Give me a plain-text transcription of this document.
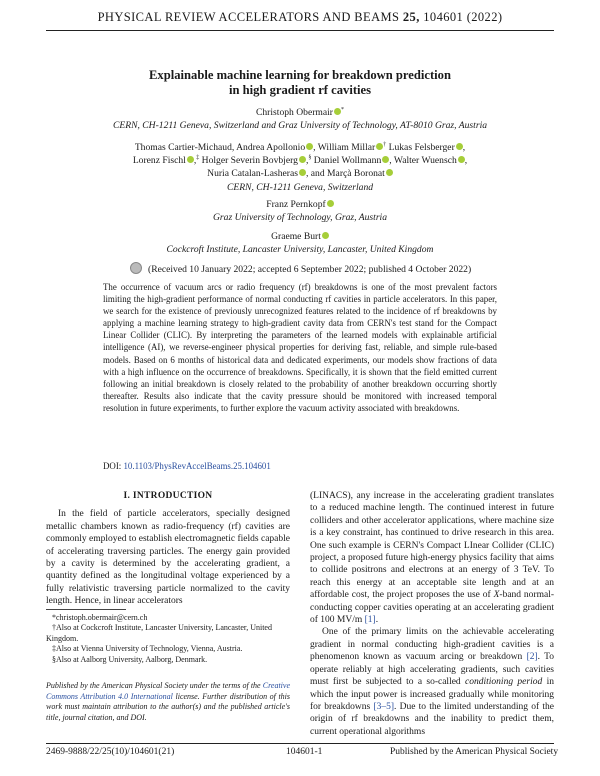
PHYSICAL REVIEW ACCELERATORS AND BEAMS 25, 104601 (2022)
Explainable machine learning for breakdown prediction
in high gradient rf cavities
Christoph Obermair *
CERN, CH-1211 Geneva, Switzerland and Graz University of Technology, AT-8010 Graz, Austria
Thomas Cartier-Michaud, Andrea Apollonio , William Millar † Lukas Felsberger ,
Lorenz Fischl ,‡ Holger Severin Bovbjerg ,§ Daniel Wollmann , Walter Wuensch ,
Nuria Catalan-Lasheras , and Marçà Boronat
CERN, CH-1211 Geneva, Switzerland
Franz Pernkopf
Graz University of Technology, Graz, Austria
Graeme Burt
Cockcroft Institute, Lancaster University, Lancaster, United Kingdom
(Received 10 January 2022; accepted 6 September 2022; published 4 October 2022)
The occurrence of vacuum arcs or radio frequency (rf) breakdowns is one of the most prevalent factors limiting the high-gradient performance of normal conducting rf cavities in particle accelerators. In this paper, we search for the existence of previously unrecognized features related to the incidence of rf breakdowns by applying a machine learning strategy to high-gradient cavity data from CERN's test stand for the Compact Linear Collider (CLIC). By interpreting the parameters of the learned models with explainable artificial intelligence (AI), we reverse-engineer physical properties for deriving fast, reliable, and simple rule-based models. Based on 6 months of historical data and dedicated experiments, our models show fractions of data with a high influence on the occurrence of breakdowns. Specifically, it is shown that the field emitted current following an initial breakdown is closely related to the probability of another breakdown occurring shortly thereafter. Results also indicate that the cavity pressure should be monitored with increased temporal resolution in future experiments, to further explore the vacuum activity associated with breakdowns.
DOI: 10.1103/PhysRevAccelBeams.25.104601
I. INTRODUCTION

In the field of particle accelerators, specially designed metallic chambers known as radio-frequency (rf) cavities are commonly employed to establish electromagnetic fields capable of accelerating traversing particles. The energy gain provided by a cavity is determined by the accelerating gradient, a quantity defined as the longitudinal voltage experienced by a fully relativistic traversing particle normalized to the cavity length. Hence, in linear accelerators

(LINACS), any increase in the accelerating gradient translates to a reduced machine length. The continued interest in future colliders and other accelerator applications, where machine size is a key constraint, has continued to drive research in this area. One such example is CERN's Compact LInear Collider (CLIC) project, a proposed future high-energy physics facility that aims to collide positrons and electrons at an energy of 3 TeV. To reach this energy at an acceptable site length and at an affordable cost, the project proposes the use of X-band normal-conducting copper cavities operating at an accelerating gradient of 100 MV/m [1].

One of the primary limits on the achievable accelerating gradient in normal conducting high-gradient cavities is a phenomenon known as vacuum arcing or breakdown [2]. To operate reliably at high accelerating gradients, such cavities must first be subjected to a so-called conditioning period in which the input power is increased gradually while monitoring for breakdowns [3–5]. Due to the limited understanding of the origin of rf breakdowns and the inability to predict them, current operational algorithms

*christoph.obermair@cern.ch
†Also at Cockcroft Institute, Lancaster University, Lancaster, United Kingdom.
‡Also at Vienna University of Technology, Vienna, Austria.
§Also at Aalborg University, Aalborg, Denmark.
Published by the American Physical Society under the terms of the Creative Commons Attribution 4.0 International license. Further distribution of this work must maintain attribution to the author(s) and the published article's title, journal citation, and DOI.
2469-9888/22/25(10)/104601(21)	104601-1	Published by the American Physical Society
